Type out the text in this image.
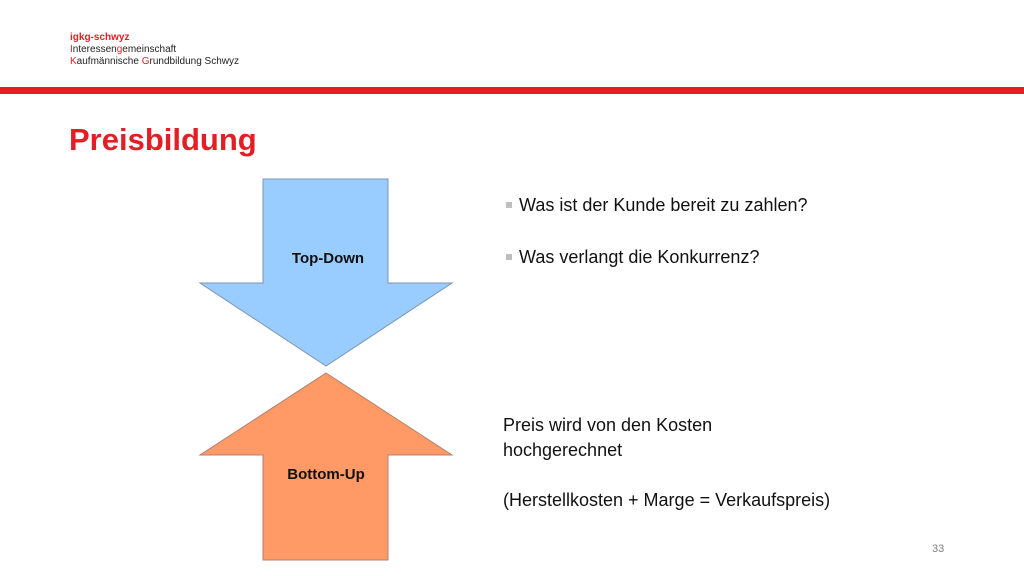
igkg-schwyz
Interessengemeinschaft
Kaufmännische Grundbildung Schwyz
Preisbildung
Top-Down
Bottom-Up
Was ist der Kunde bereit zu zahlen?
Was verlangt die Konkurrenz?

Preis wird von den Kosten

hochgerechnet

(Herstellkosten + Marge = Verkaufspreis)

33
